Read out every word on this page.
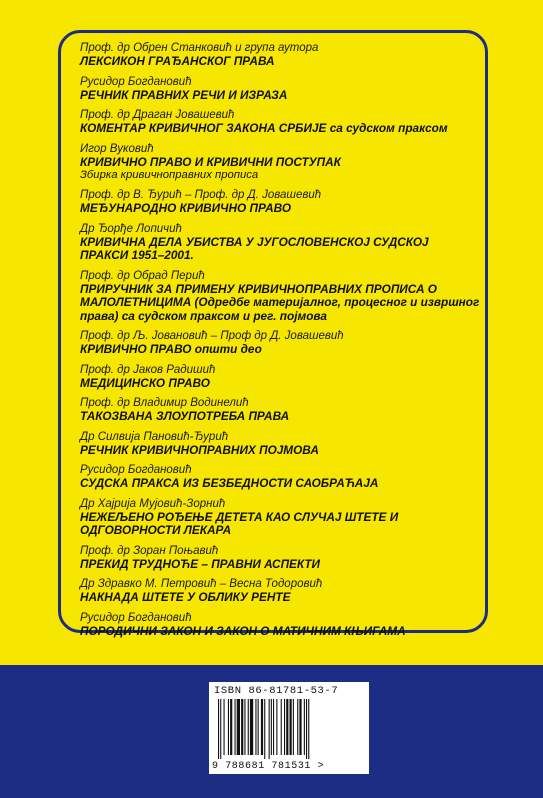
Проф. др Обрен Станковић и група аутора
ЛЕКСИКОН ГРАЂАНСКОГ ПРАВА
Русидор Богдановић
РЕЧНИК ПРАВНИХ РЕЧИ И ИЗРАЗА
Проф. др Драган Јовашевић
КОМЕНТАР КРИВИЧНОГ ЗАКОНА СРБИЈЕ са судском праксом
Игор Вуковић
КРИВИЧНО ПРАВО И КРИВИЧНИ ПОСТУПАК
Збирка кривичноправних прописа
Проф. др В. Ђурић – Проф. др Д. Јовашевић
МЕЂУНАРОДНО КРИВИЧНО ПРАВО
Др Ђорђе Лопичић
КРИВИЧНА ДЕЛА УБИСТВА У ЈУГОСЛОВЕНСКОЈ СУДСКОЈ ПРАКСИ 1951–2001.
Проф. др Обрад Перић
ПРИРУЧНИК ЗА ПРИМЕНУ КРИВИЧНОПРАВНИХ ПРОПИСА О МАЛОЛЕТНИЦИМА (Одредбе материјалног, процесног и извршног права) са судском праксом и рег. појмова
Проф. др Љ. Јовановић – Проф др Д. Јовашевић
КРИВИЧНО ПРАВО општи део
Проф. др Јаков Радишић
МЕДИЦИНСКО ПРАВО
Проф. др Владимир Водинелић
ТАКОЗВАНА ЗЛОУПОТРЕБА ПРАВА
Др Силвија Пановић-Ђурић
РЕЧНИК КРИВИЧНОПРАВНИХ ПОЈМОВА
Русидор Богдановић
СУДСКА ПРАКСА ИЗ БЕЗБЕДНОСТИ САОБРАЋАЈА
Др Хајрија Мујовић-Зорнић
НЕЖЕЉЕНО РОЂЕЊЕ ДЕТЕТА КАО СЛУЧАЈ ШТЕТЕ И ОДГОВОРНОСТИ ЛЕКАРА
Проф. др Зоран Поњавић
ПРЕКИД ТРУДНОЋЕ – ПРАВНИ АСПЕКТИ
Др Здравко М. Петровић – Весна Тодоровић
НАКНАДА ШТЕТЕ У ОБЛИКУ РЕНТЕ
Русидор Богдановић
ПОРОДИЧНИ ЗАКОН И ЗАКОН О МАТИЧНИМ КЊИГАМА
ISBN 86-81781-53-7
9 788681 781531 >
